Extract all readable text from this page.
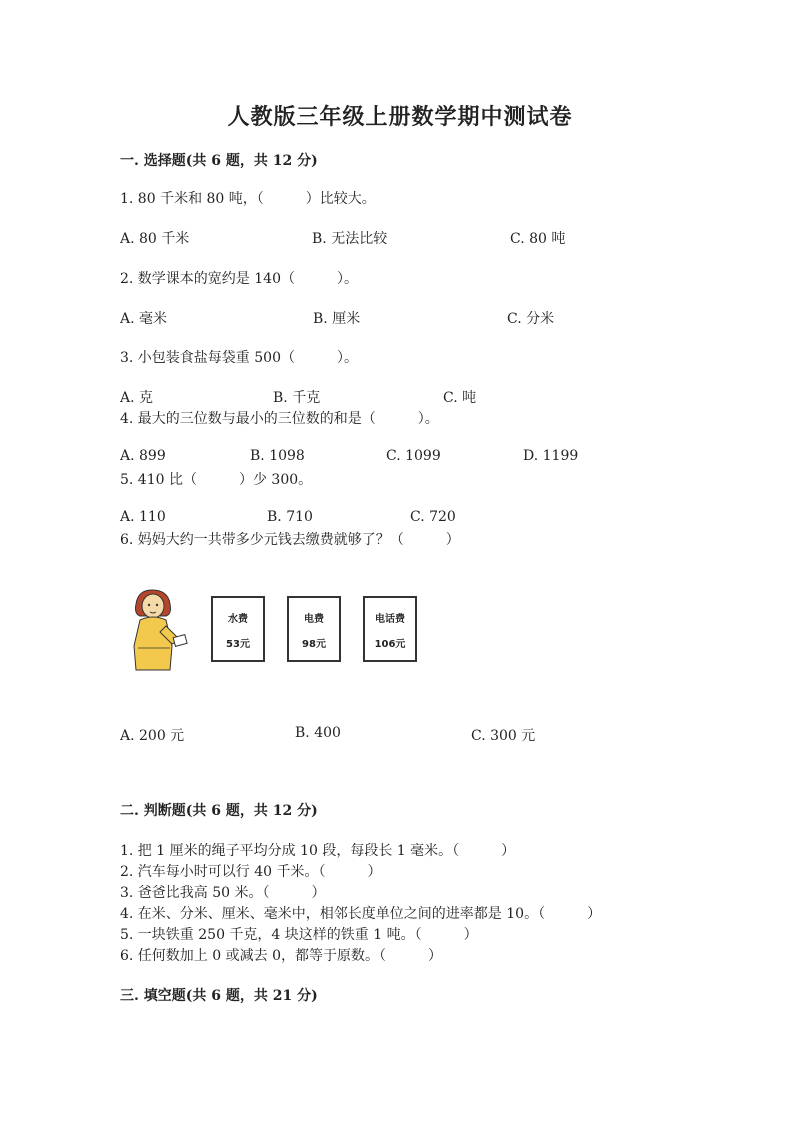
人教版三年级上册数学期中测试卷
一. 选择题(共 6 题，共 12 分)
1. 80 千米和 80 吨，（　　　）比较大。
A. 80 千米	B. 无法比较	C. 80 吨
2. 数学课本的宽约是 140（　　　）。
A. 毫米	B. 厘米	C. 分米
3. 小包装食盐每袋重 500（　　　）。
A. 克	B. 千克	C. 吨
4. 最大的三位数与最小的三位数的和是（　　　）。
A. 899	B. 1098	C. 1099	D. 1199
5. 410 比（　　　）少 300。
A. 110	B. 710	C. 720
6. 妈妈大约一共带多少元钱去缴费就够了？（　　　）
水费
53元
电费
98元
电话费
106元
A. 200 元	B. 400	C. 300 元
二. 判断题(共 6 题，共 12 分)
1. 把 1 厘米的绳子平均分成 10 段，每段长 1 毫米。（　　　）
2. 汽车每小时可以行 40 千米。（　　　）
3. 爸爸比我高 50 米。（　　　）
4. 在米、分米、厘米、毫米中，相邻长度单位之间的进率都是 10。（　　　）
5. 一块铁重 250 千克，4 块这样的铁重 1 吨。（　　　）
6. 任何数加上 0 或减去 0，都等于原数。（　　　）
三. 填空题(共 6 题，共 21 分)
